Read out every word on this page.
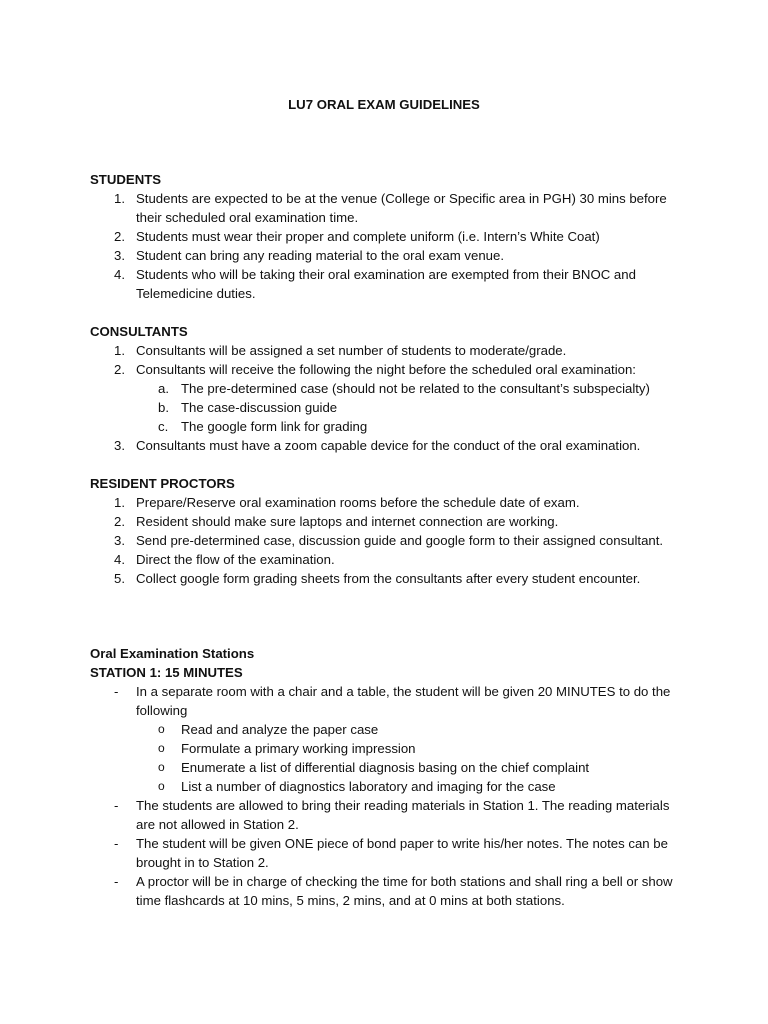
LU7 ORAL EXAM GUIDELINES

STUDENTS

1. Students are expected to be at the venue (College or Specific area in PGH) 30 mins before their scheduled oral examination time.
2. Students must wear their proper and complete uniform (i.e. Intern’s White Coat)
3. Student can bring any reading material to the oral exam venue.
4. Students who will be taking their oral examination are exempted from their BNOC and Telemedicine duties.

CONSULTANTS

1. Consultants will be assigned a set number of students to moderate/grade.
2. Consultants will receive the following the night before the scheduled oral examination:
a. The pre-determined case (should not be related to the consultant’s subspecialty)
b. The case-discussion guide
c. The google form link for grading
3. Consultants must have a zoom capable device for the conduct of the oral examination.

RESIDENT PROCTORS

1. Prepare/Reserve oral examination rooms before the schedule date of exam.
2. Resident should make sure laptops and internet connection are working.
3. Send pre-determined case, discussion guide and google form to their assigned consultant.
4. Direct the flow of the examination.
5. Collect google form grading sheets from the consultants after every student encounter.

Oral Examination Stations

STATION 1: 15 MINUTES

- In a separate room with a chair and a table, the student will be given 20 MINUTES to do the following
o Read and analyze the paper case
o Formulate a primary working impression
o Enumerate a list of differential diagnosis basing on the chief complaint
o List a number of diagnostics laboratory and imaging for the case
- The students are allowed to bring their reading materials in Station 1. The reading materials are not allowed in Station 2.
- The student will be given ONE piece of bond paper to write his/her notes. The notes can be brought in to Station 2.
- A proctor will be in charge of checking the time for both stations and shall ring a bell or show time flashcards at 10 mins, 5 mins, 2 mins, and at 0 mins at both stations.
